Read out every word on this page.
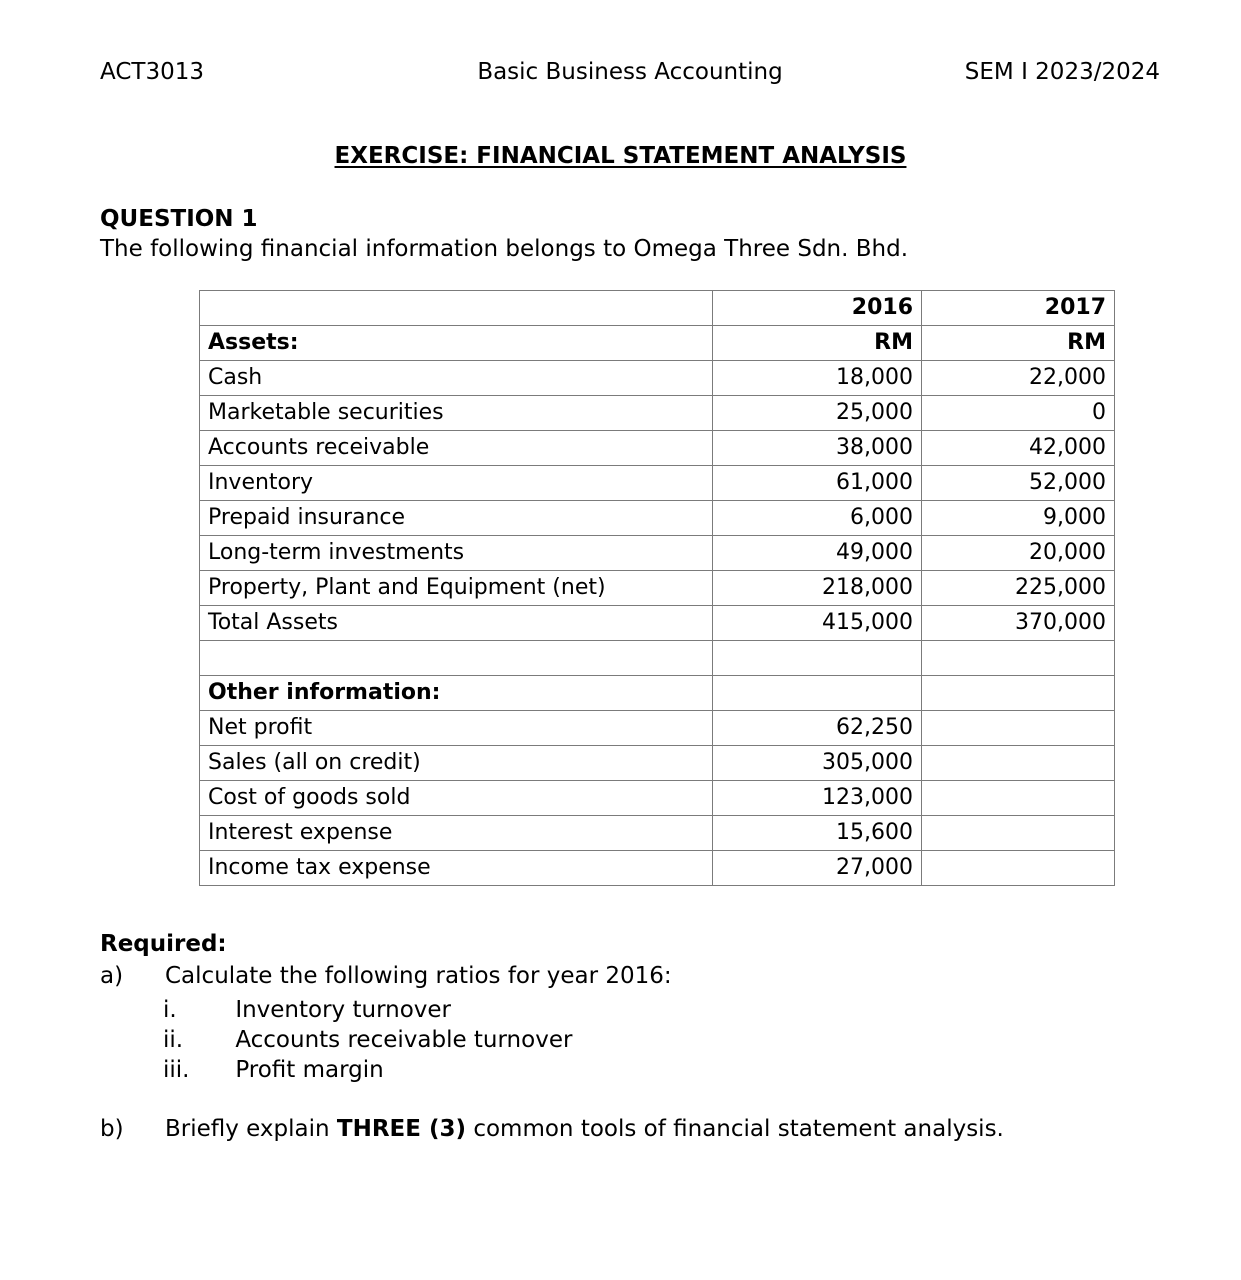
ACT3013	Basic Business Accounting	SEM I 2023/2024
EXERCISE: FINANCIAL STATEMENT ANALYSIS
QUESTION 1
The following financial information belongs to Omega Three Sdn. Bhd.
	2016	2017
Assets:	RM	RM
Cash	18,000	22,000
Marketable securities	25,000	0
Accounts receivable	38,000	42,000
Inventory	61,000	52,000
Prepaid insurance	6,000	9,000
Long-term investments	49,000	20,000
Property, Plant and Equipment (net)	218,000	225,000
Total Assets	415,000	370,000

Other information:		
Net profit	62,250	
Sales (all on credit)	305,000	
Cost of goods sold	123,000	
Interest expense	15,600	
Income tax expense	27,000	
Required:
a)	Calculate the following ratios for year 2016:
i.	Inventory turnover
ii. Accounts receivable turnover
iii. Profit margin
b)	Briefly explain THREE (3) common tools of financial statement analysis.
